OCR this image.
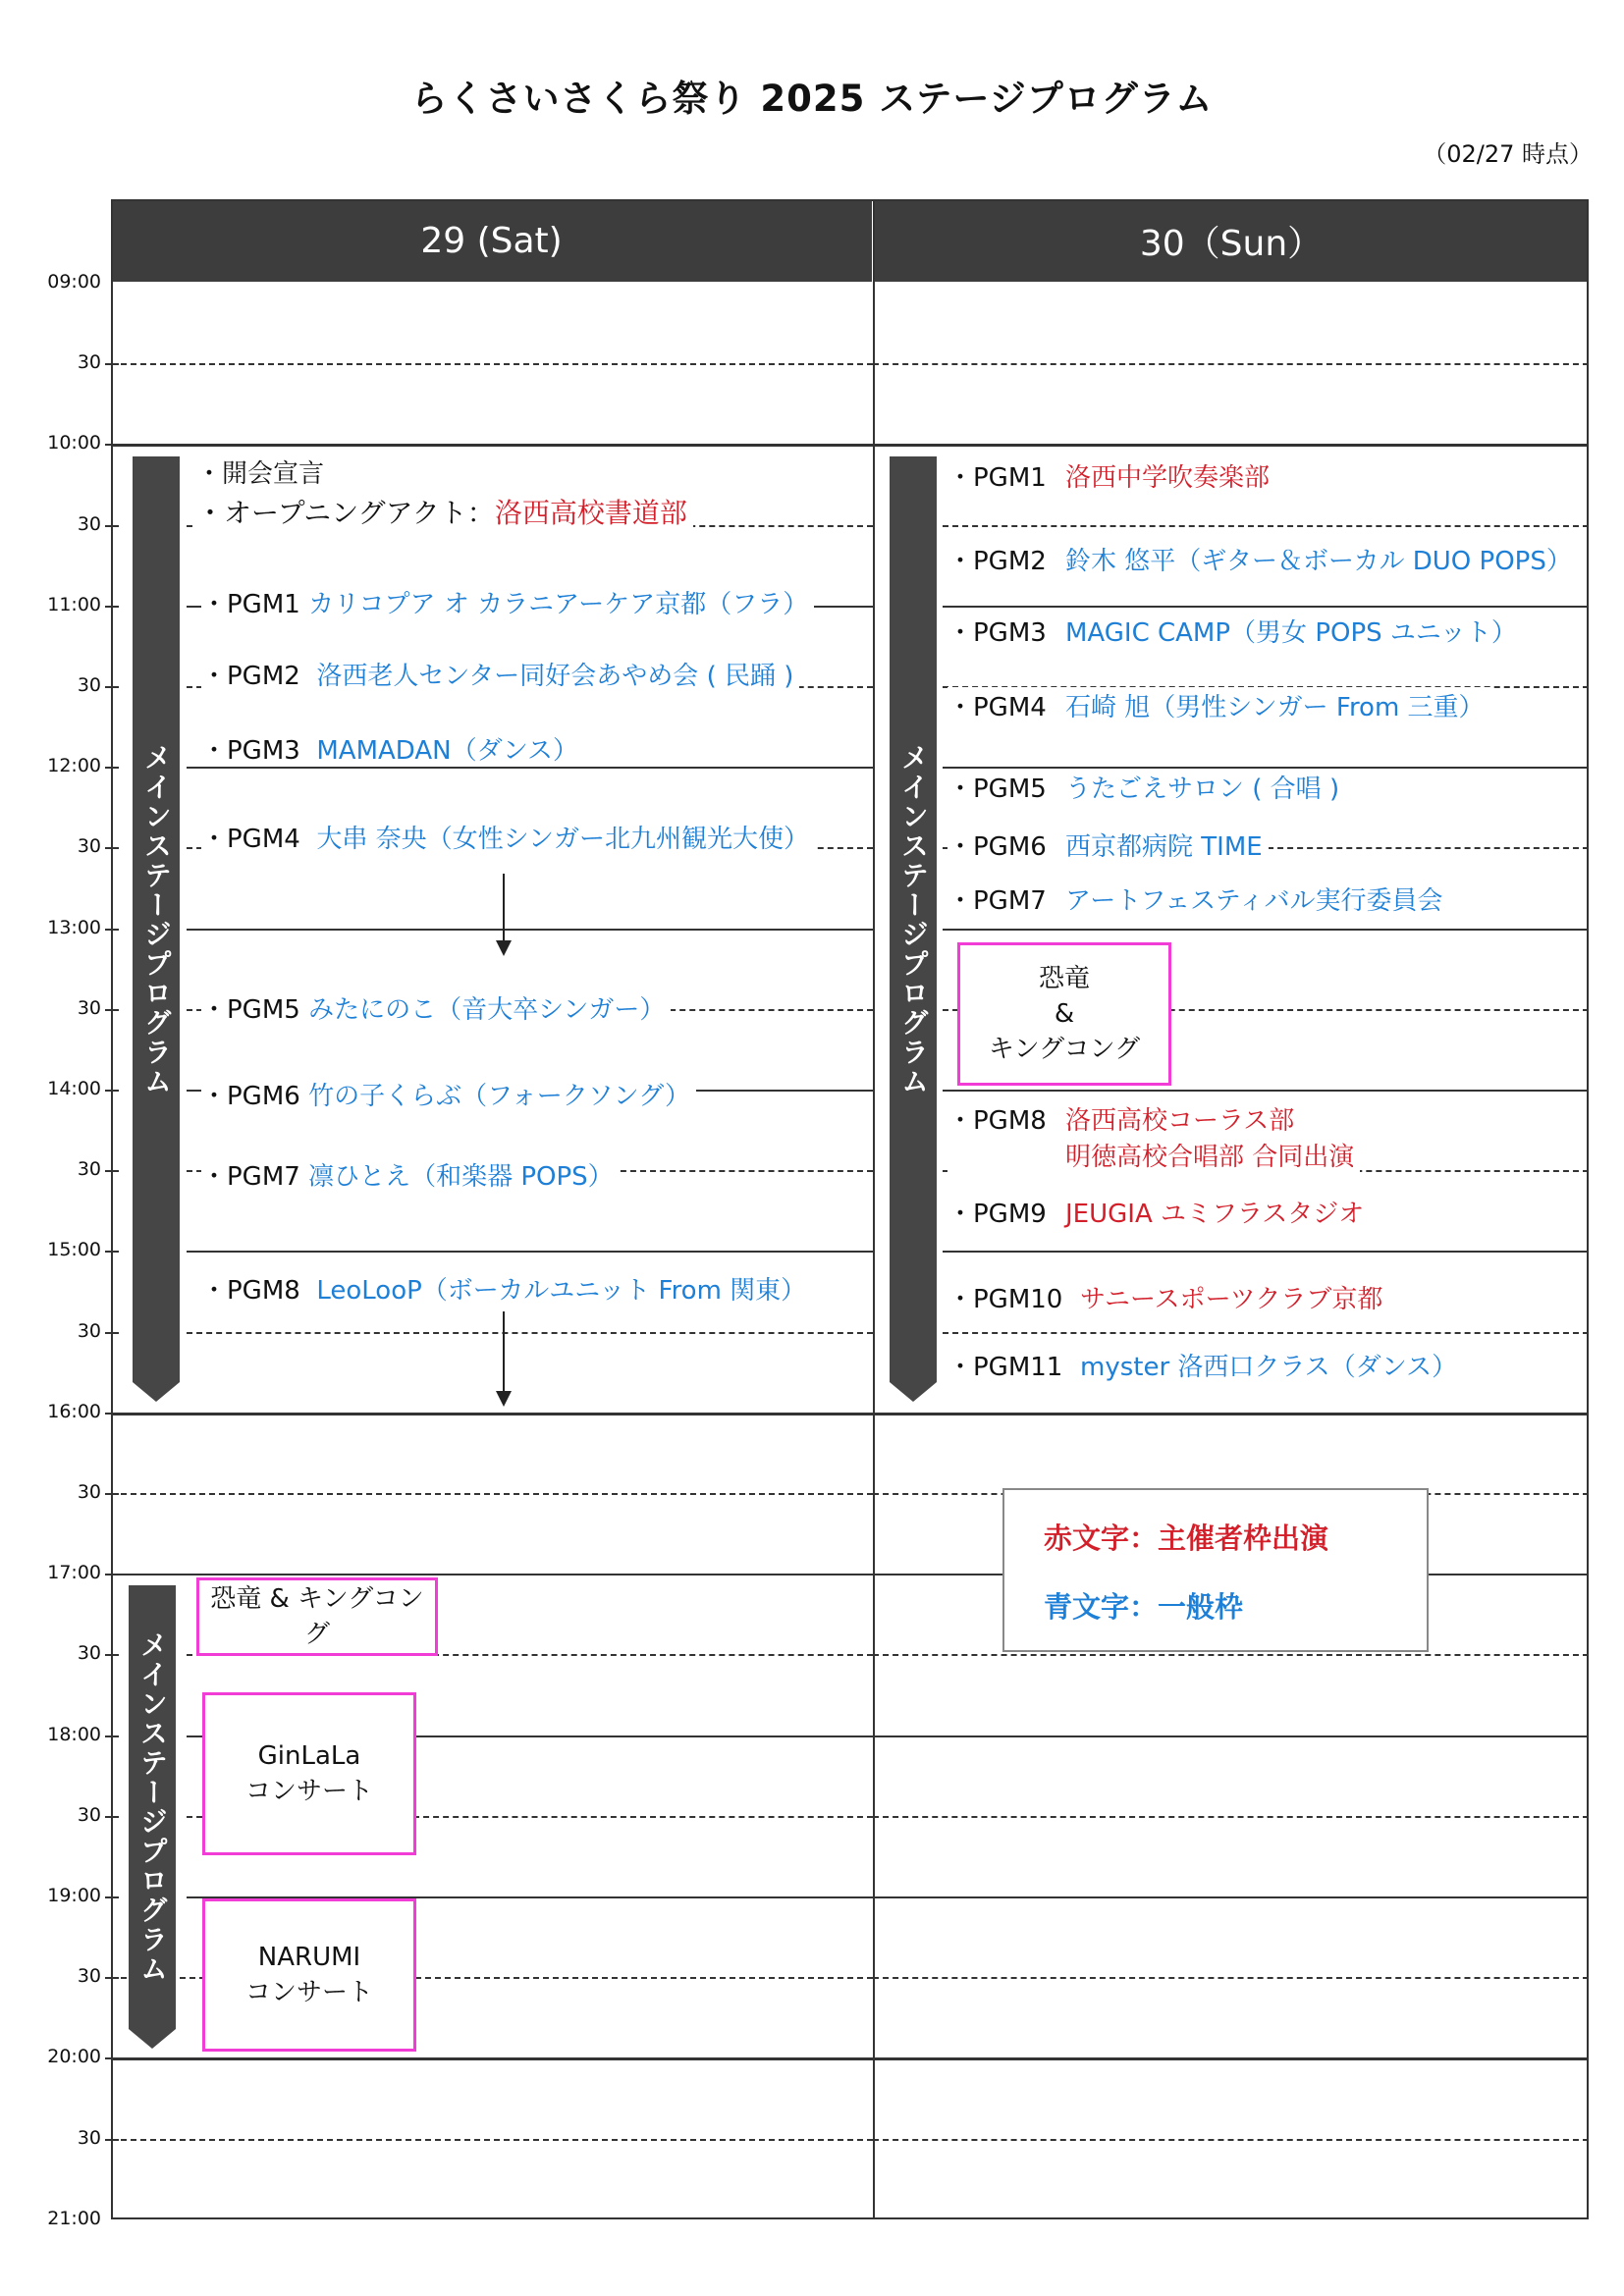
らくさいさくら祭り 2025 ステージプログラム
（02/27 時点）
29 (Sat)	30（Sun）
09:00
30
10:00
30
11:00
30
12:00
30
13:00
30
14:00
30
15:00
30
16:00
30
17:00
30
18:00
30
19:00
30
20:00
30
21:00
メインステージプログラム	メインステージプログラム
メインステージプログラム
・開会宣言
・オープニングアクト：洛西高校書道部
・PGM1 カリコプア オ カラニアーケア京都（フラ）
・PGM2 洛西老人センター同好会あやめ会 ( 民踊 )
・PGM3 MAMADAN（ダンス）
・PGM4 大串 奈央（女性シンガー北九州観光大使）
・PGM5 みたにのこ（音大卒シンガー）
・PGM6 竹の子くらぶ（フォークソング）
・PGM7 凛ひとえ（和楽器 POPS）
・PGM8 LeoLooP（ボーカルユニット From 関東）
恐竜 & キングコング
GinLaLa
コンサート
NARUMI
コンサート
・PGM1 洛西中学吹奏楽部
・PGM2 鈴木 悠平（ギター＆ボーカル DUO POPS）
・PGM3 MAGIC CAMP（男女 POPS ユニット）
・PGM4 石崎 旭（男性シンガー From 三重）
・PGM5 うたごえサロン ( 合唱 )
・PGM6 西京都病院 TIME
・PGM7 アートフェスティバル実行委員会
・PGM8 洛西高校コーラス部
明徳高校合唱部 合同出演
・PGM9 JEUGIA ユミフラスタジオ
・PGM10 サニースポーツクラブ京都
・PGM11 myster 洛西口クラス（ダンス）
恐竜
&
キングコング
赤文字：主催者枠出演
青文字：一般枠
